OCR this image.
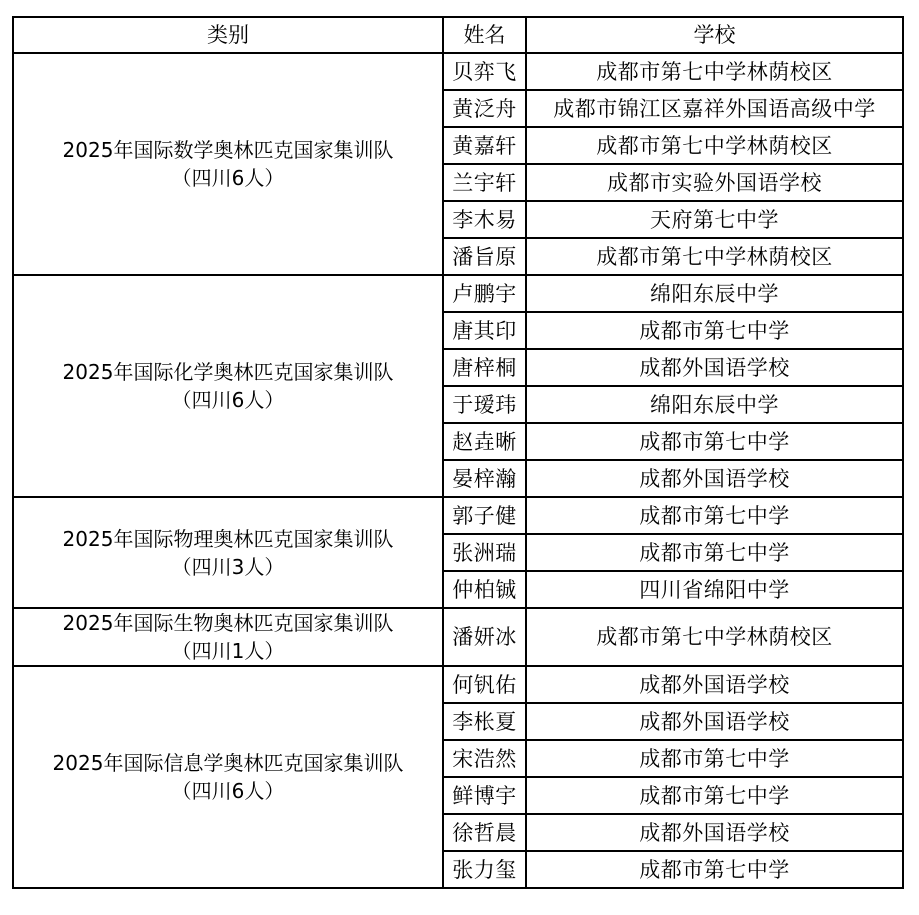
类别	姓名	学校

2025年国际数学奥林匹克国家集训队
（四川6人）	贝弈飞	成都市第七中学林荫校区
	黄泛舟	成都市锦江区嘉祥外国语高级中学
	黄嘉轩	成都市第七中学林荫校区
	兰宇轩	成都市实验外国语学校
	李木易	天府第七中学
	潘旨原	成都市第七中学林荫校区

2025年国际化学奥林匹克国家集训队
（四川6人）	卢鹏宇	绵阳东辰中学
	唐其印	成都市第七中学
	唐梓桐	成都外国语学校
	于瑷玮	绵阳东辰中学
	赵垚晰	成都市第七中学
	晏梓瀚	成都外国语学校

2025年国际物理奥林匹克国家集训队
（四川3人）	郭子健	成都市第七中学
	张洲瑞	成都市第七中学
	仲柏铖	四川省绵阳中学

2025年国际生物奥林匹克国家集训队
（四川1人）	潘妍冰	成都市第七中学林荫校区

2025年国际信息学奥林匹克国家集训队
（四川6人）	何钒佑	成都外国语学校
	李枨夏	成都外国语学校
	宋浩然	成都市第七中学
	鲜博宇	成都市第七中学
	徐哲晨	成都外国语学校
	张力玺	成都市第七中学
